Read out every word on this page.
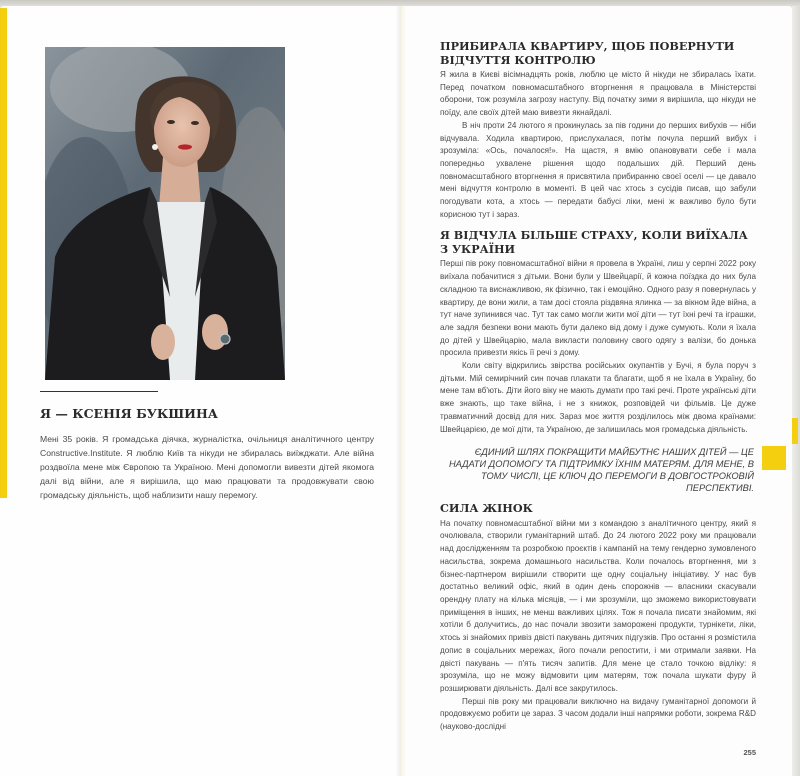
Я — КСЕНІЯ БУКШИНА
Мені 35 років. Я громадська діячка, журналістка, очільниця аналітичного центру Constructive.Institute. Я люблю Київ та нікуди не збиралась виїжджати. Але війна роздвоїла мене між Європою та Україною. Мені допомогли вивезти дітей якомога далі від війни, але я вирішила, що маю працювати та продовжувати свою громадську діяльність, щоб наблизити нашу перемогу.
ПРИБИРАЛА КВАРТИРУ, ЩОБ ПОВЕРНУТИ ВІДЧУТТЯ КОНТРОЛЮ

Я жила в Києві вісімнадцять років, люблю це місто й нікуди не збиралась їхати. Перед початком повномасштабного вторгнення я працювала в Міністерстві оборони, тож розуміла загрозу наступу. Від початку зими я вирішила, що нікуди не поїду, але своїх дітей маю вивезти якнайдалі.

В ніч проти 24 лютого я прокинулась за пів години до перших вибухів — ніби відчувала. Ходила квартирою, прислухалася, потім почула перший вибух і зрозуміла: «Ось, почалося!». На щастя, я вмію опановувати себе і мала попередньо ухвалене рішення щодо подальших дій. Перший день повномасштабного вторгнення я присвятила прибиранню своєї оселі — це давало мені відчуття контролю в моменті. В цей час хтось з сусідів писав, що забули погодувати кота, а хтось — передати бабусі ліки, мені ж важливо було бути корисною тут і зараз.

Я ВІДЧУЛА БІЛЬШЕ СТРАХУ, КОЛИ ВИЇХАЛА З УКРАЇНИ

Перші пів року повномасштабної війни я провела в Україні, лиш у серпні 2022 року виїхала побачитися з дітьми. Вони були у Швейцарії, й кожна поїздка до них була складною та виснажливою, як фізично, так і емоційно. Одного разу я повернулась у квартиру, де вони жили, а там досі стояла різдвяна ялинка — за вікном йде війна, а тут наче зупинився час. Тут так само могли жити мої діти — тут їхні речі та іграшки, але задля безпеки вони мають бути далеко від дому і дуже сумують. Коли я їхала до дітей у Швейцарію, мала викласти половину свого одягу з валізи, бо донька просила привезти якісь її речі з дому.

Коли світу відкрились звірства російських окупантів у Бучі, я була поруч з дітьми. Мій семирічний син почав плакати та благати, щоб я не їхала в Україну, бо мене там вб'ють. Діти його віку не мають думати про такі речі. Проте українські діти вже знають, що таке війна, і не з книжок, розповідей чи фільмів. Це дуже травматичний досвід для них. Зараз моє життя розділилось між двома країнами: Швейцарією, де мої діти, та Україною, де залишилась моя громадська діяльність.

ЄДИНИЙ ШЛЯХ ПОКРАЩИТИ МАЙБУТНЄ НАШИХ ДІТЕЙ — ЦЕ НАДАТИ ДОПОМОГУ ТА ПІДТРИМКУ ЇХНІМ МАТЕРЯМ. ДЛЯ МЕНЕ, В ТОМУ ЧИСЛІ, ЦЕ КЛЮЧ ДО ПЕРЕМОГИ В ДОВГОСТРОКОВІЙ ПЕРСПЕКТИВІ.
СИЛА ЖІНОК

На початку повномасштабної війни ми з командою з аналітичного центру, який я очолювала, створили гуманітарний штаб. До 24 лютого 2022 року ми працювали над дослідженням та розробкою проєктів і кампаній на тему гендерно зумовленого насильства, зокрема домашнього насильства. Коли почалось вторгнення, ми з бізнес-партнером вирішили створити ще одну соціальну ініціативу. У нас був достатньо великий офіс, який в один день спорожнів — власники скасували орендну плату на кілька місяців, — і ми зрозуміли, що зможемо використовувати приміщення в інших, не менш важливих цілях. Тож я почала писати знайомим, які хотіли б долучитись, до нас почали звозити заморожені продукти, турнікети, ліки, хтось зі знайомих привіз двісті пакувань дитячих підгузків. Про останні я розмістила допис в соціальних мережах, його почали репостити, і ми отримали заявки. На двісті пакувань — п'ять тисяч запитів. Для мене це стало точкою відліку: я зрозуміла, що не можу відмовити цим матерям, тож почала шукати фуру й розширювати діяльність. Далі все закрутилось.

Перші пів року ми працювали виключно на видачу гуманітарної допомоги й продовжуємо робити це зараз. З часом додали інші напрямки роботи, зокрема R&D (науково-дослідні

255
